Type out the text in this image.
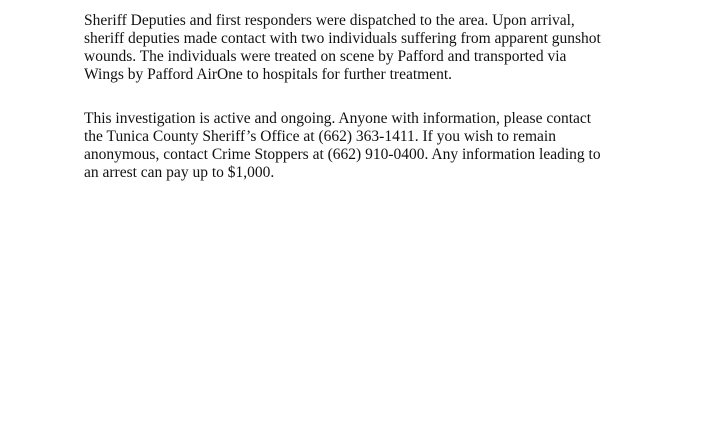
Sheriff Deputies and first responders were dispatched to the area. Upon arrival,
sheriff deputies made contact with two individuals suffering from apparent gunshot
wounds. The individuals were treated on scene by Pafford and transported via
Wings by Pafford AirOne to hospitals for further treatment.
This investigation is active and ongoing. Anyone with information, please contact
the Tunica County Sheriff’s Office at (662) 363-1411. If you wish to remain
anonymous, contact Crime Stoppers at (662) 910-0400. Any information leading to
an arrest can pay up to $1,000.
